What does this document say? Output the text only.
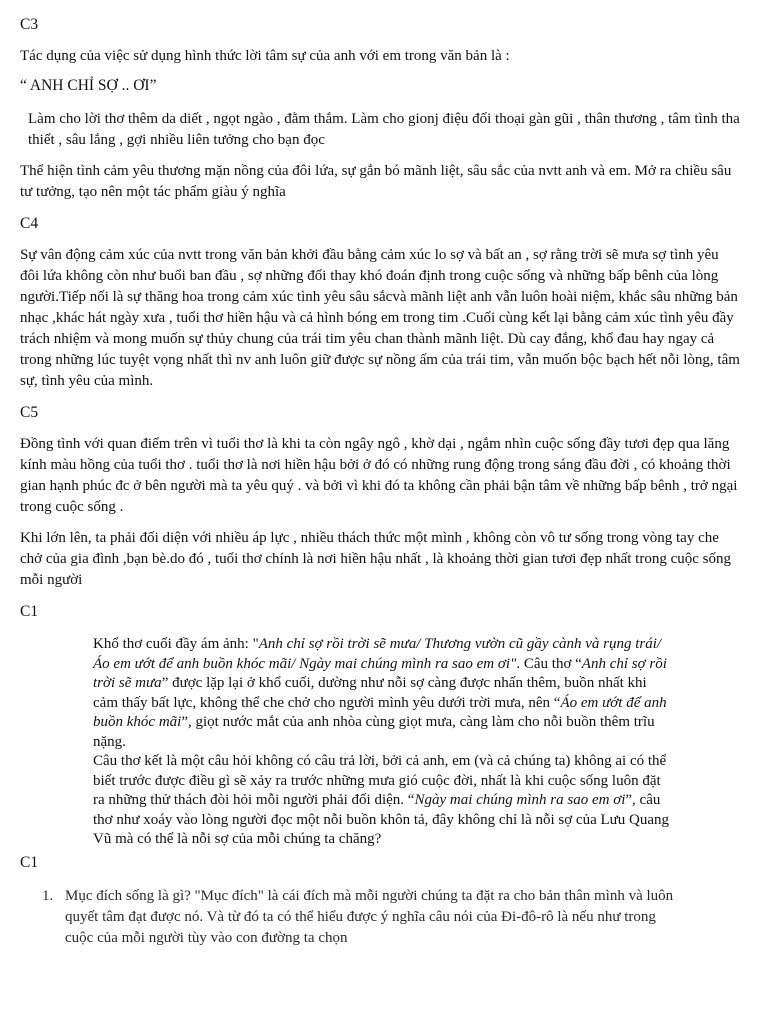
C3

Tác dụng của việc sử dụng hình thức lời tâm sự của anh với em trong văn bản là :

“ ANH CHỈ SỢ .. ƠI”

Làm cho lời thơ thêm da diết , ngọt ngào , đằm thắm. Làm cho gionj điệu đối thoại gàn gũi , thân thương , tâm tình tha thiết , sâu lắng , gợi nhiều liên tưởng cho bạn đọc

Thể hiện tình cảm yêu thương mặn nồng của đôi lứa, sự gắn bó mãnh liệt, sâu sắc của nvtt anh và em. Mở ra chiều sâu tư tưởng, tạo nên một tác phẩm giàu ý nghĩa

C4

Sự vân động cảm xúc của nvtt trong văn bản khởi đầu bằng cảm xúc lo sợ và bất an , sợ rằng trời sẽ mưa sợ tình yêu đôi lứa không còn như buổi ban đầu , sợ những đổi thay khó đoán định trong cuộc sống và những bấp bênh của lòng người.Tiếp nối là sự thăng hoa trong cảm xúc tình yêu sâu sắcvà mãnh liệt anh vẫn luôn hoài niệm, khắc sâu những bản nhạc ,khác hát ngày xưa , tuổi thơ hiền hậu và cả hình bóng em trong tim .Cuối cùng kết lại bằng cảm xúc tình yêu đầy trách nhiệm và mong muốn sự thủy chung của trái tim yêu chan thành mãnh liệt. Dù cay đắng, khổ đau hay ngay cả trong những lúc tuyệt vọng nhất thì nv anh luôn giữ được sự nồng ấm của trái tim, vẫn muốn bộc bạch hết nỗi lòng, tâm sự, tình yêu của mình.

C5

Đồng tình với quan điểm trên vì tuổi thơ là khi ta còn ngây ngô , khờ dại , ngắm nhìn cuộc sống đầy tươi đẹp qua lăng kính màu hồng của tuổi thơ . tuổi thơ là nơi hiền hậu bởi ở đó có những rung động trong sáng đầu đời , có khoảng thời gian hạnh phúc đc ở bên người mà ta yêu quý . và bởi vì khi đó ta không cần phải bận tâm về những bấp bênh , trở ngại trong cuộc sống .

Khi lớn lên, ta phải đối diện với nhiều áp lực , nhiều thách thức một mình , không còn vô tư sống trong vòng tay che chở của gia đình ,bạn bè.do đó , tuổi thơ chính là nơi hiền hậu nhất , là khoảng thời gian tươi đẹp nhất trong cuộc sống mỗi người

C1

Khổ thơ cuối đầy ám ảnh: "Anh chỉ sợ rồi trời sẽ mưa/ Thương vườn cũ gầy cành và rụng trái/ Áo em ướt để anh buồn khóc mãi/ Ngày mai chúng mình ra sao em ơi". Câu thơ “Anh chỉ sợ rồi trời sẽ mưa” được lặp lại ở khổ cuối, dường như nỗi sợ càng được nhấn thêm, buồn nhất khi cảm thấy bất lực, không thể che chở cho người mình yêu dưới trời mưa, nên “Áo em ướt để anh buồn khóc mãi”, giọt nước mắt của anh nhòa cùng giọt mưa, càng làm cho nỗi buồn thêm trĩu nặng.

Câu thơ kết là một câu hỏi không có câu trả lời, bởi cả anh, em (và cả chúng ta) không ai có thể biết trước được điều gì sẽ xảy ra trước những mưa gió cuộc đời, nhất là khi cuộc sống luôn đặt ra những thử thách đòi hỏi mỗi người phải đối diện. “Ngày mai chúng mình ra sao em ơi”, câu thơ như xoáy vào lòng người đọc một nỗi buồn khôn tả, đây không chỉ là nỗi sợ của Lưu Quang Vũ mà có thể là nỗi sợ của mỗi chúng ta chăng?

C1

1. Mục đích sống là gì? "Mục đích" là cái đích mà mỗi người chúng ta đặt ra cho bản thân mình và luôn quyết tâm đạt được nó. Và từ đó ta có thể hiểu được ý nghĩa câu nói của Đi-đô-rô là nếu như trong cuộc của mỗi người tùy vào con đường ta chọn
